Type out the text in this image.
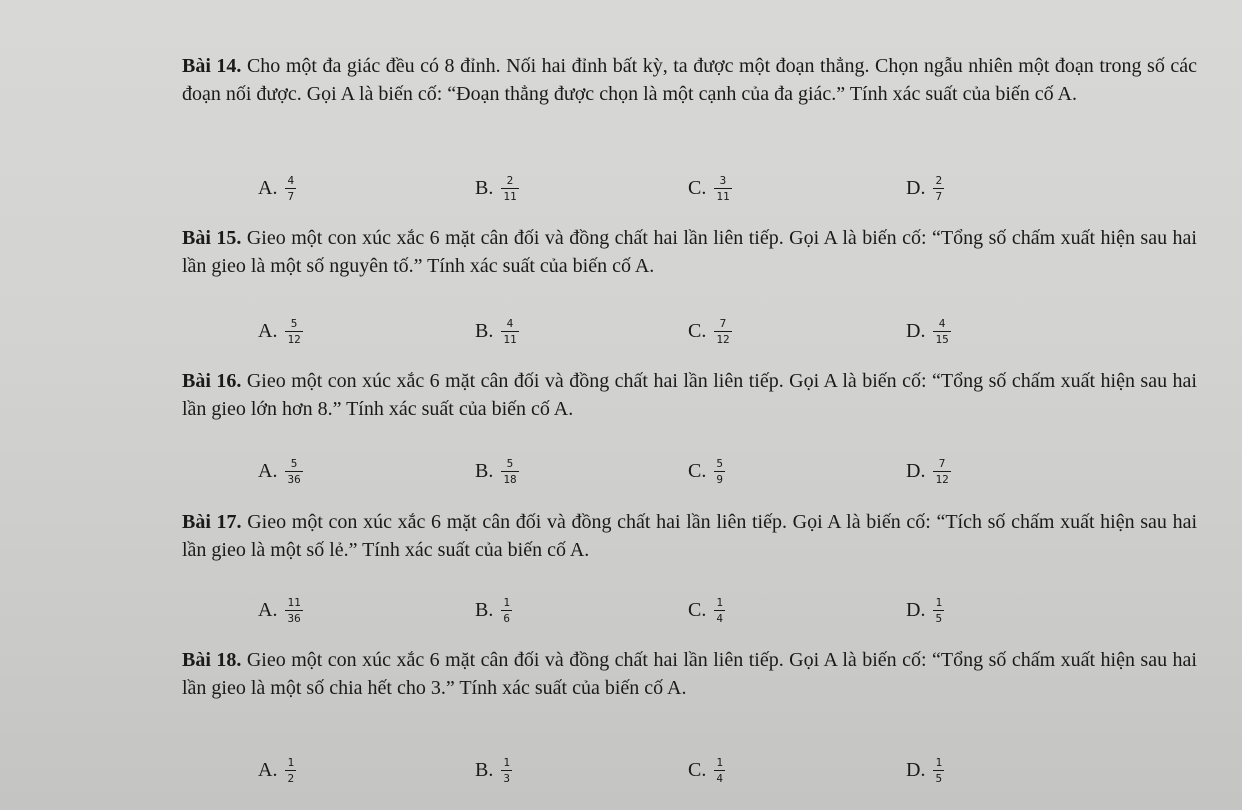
Bài 14. Cho một đa giác đều có 8 đỉnh. Nối hai đỉnh bất kỳ, ta được một đoạn thẳng. Chọn ngẫu nhiên một đoạn trong số các đoạn nối được. Gọi A là biến cố: “Đoạn thẳng được chọn là một cạnh của đa giác.” Tính xác suất của biến cố A.

A. $\frac{4}{7}$	B. $\frac{2}{11}$	C. $\frac{3}{11}$	D. $\frac{2}{7}$

Bài 15. Gieo một con xúc xắc 6 mặt cân đối và đồng chất hai lần liên tiếp. Gọi A là biến cố: “Tổng số chấm xuất hiện sau hai lần gieo là một số nguyên tố.” Tính xác suất của biến cố A.

A. $\frac{5}{12}$	B. $\frac{4}{11}$	C. $\frac{7}{12}$	D. $\frac{4}{15}$

Bài 16. Gieo một con xúc xắc 6 mặt cân đối và đồng chất hai lần liên tiếp. Gọi A là biến cố: “Tổng số chấm xuất hiện sau hai lần gieo lớn hơn 8.” Tính xác suất của biến cố A.

A. $\frac{5}{36}$	B. $\frac{5}{18}$	C. $\frac{5}{9}$	D. $\frac{7}{12}$

Bài 17. Gieo một con xúc xắc 6 mặt cân đối và đồng chất hai lần liên tiếp. Gọi A là biến cố: “Tích số chấm xuất hiện sau hai lần gieo là một số lẻ.” Tính xác suất của biến cố A.

A. $\frac{11}{36}$	B. $\frac{1}{6}$	C. $\frac{1}{4}$	D. $\frac{1}{5}$

Bài 18. Gieo một con xúc xắc 6 mặt cân đối và đồng chất hai lần liên tiếp. Gọi A là biến cố: “Tổng số chấm xuất hiện sau hai lần gieo là một số chia hết cho 3.” Tính xác suất của biến cố A.

A. $\frac{1}{2}$	B. $\frac{1}{3}$	C. $\frac{1}{4}$	D. $\frac{1}{5}$
